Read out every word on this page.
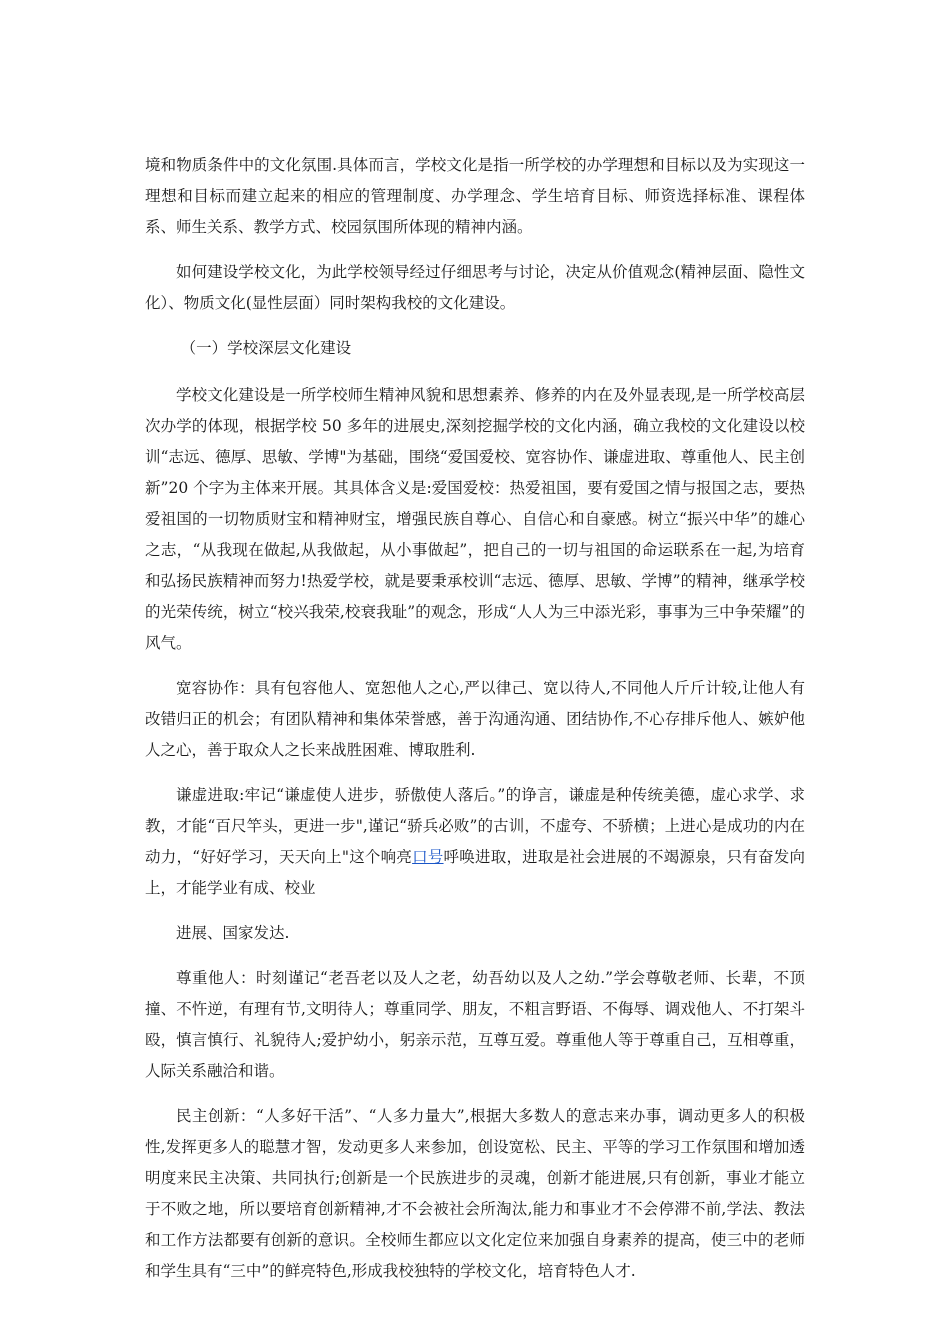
境和物质条件中的文化氛围.具体而言，学校文化是指一所学校的办学理想和目标以及为实现这一理想和目标而建立起来的相应的管理制度、办学理念、学生培育目标、师资选择标准、课程体系、师生关系、教学方式、校园氛围所体现的精神内涵。

如何建设学校文化，为此学校领导经过仔细思考与讨论，决定从价值观念(精神层面、隐性文化）、物质文化(显性层面）同时架构我校的文化建设。

（一）学校深层文化建设

学校文化建设是一所学校师生精神风貌和思想素养、修养的内在及外显表现,是一所学校高层次办学的体现，根据学校 50 多年的进展史,深刻挖掘学校的文化内涵，确立我校的文化建设以校训“志远、德厚、思敏、学博"为基础，围绕“爱国爱校、宽容协作、谦虚进取、尊重他人、民主创新”20 个字为主体来开展。其具体含义是:爱国爱校：热爱祖国，要有爱国之情与报国之志，要热爱祖国的一切物质财宝和精神财宝，增强民族自尊心、自信心和自豪感。树立“振兴中华”的雄心之志，“从我现在做起,从我做起，从小事做起”，把自己的一切与祖国的命运联系在一起,为培育和弘扬民族精神而努力!热爱学校，就是要秉承校训“志远、德厚、思敏、学博”的精神，继承学校的光荣传统，树立“校兴我荣,校衰我耻”的观念，形成“人人为三中添光彩，事事为三中争荣耀”的风气。

宽容协作：具有包容他人、宽恕他人之心,严以律己、宽以待人,不同他人斤斤计较,让他人有改错归正的机会；有团队精神和集体荣誉感，善于沟通沟通、团结协作,不心存排斥他人、嫉妒他人之心，善于取众人之长来战胜困难、博取胜利.

谦虚进取:牢记“谦虚使人进步，骄傲使人落后。”的诤言，谦虚是种传统美德，虚心求学、求教，才能“百尺竿头，更进一步",谨记“骄兵必败”的古训，不虚夸、不骄横；上进心是成功的内在动力，“好好学习，天天向上"这个响亮口号呼唤进取，进取是社会进展的不竭源泉，只有奋发向上，才能学业有成、校业

进展、国家发达.

尊重他人：时刻谨记“老吾老以及人之老，幼吾幼以及人之幼.”学会尊敬老师、长辈，不顶撞、不忤逆，有理有节,文明待人；尊重同学、朋友，不粗言野语、不侮辱、调戏他人、不打架斗殴，慎言慎行、礼貌待人;爱护幼小，躬亲示范，互尊互爱。尊重他人等于尊重自己，互相尊重，人际关系融洽和谐。

民主创新：“人多好干活”、“人多力量大”,根据大多数人的意志来办事，调动更多人的积极性,发挥更多人的聪慧才智，发动更多人来参加，创设宽松、民主、平等的学习工作氛围和增加透明度来民主决策、共同执行;创新是一个民族进步的灵魂，创新才能进展,只有创新，事业才能立于不败之地，所以要培育创新精神,才不会被社会所淘汰,能力和事业才不会停滞不前,学法、教法和工作方法都要有创新的意识。全校师生都应以文化定位来加强自身素养的提高，使三中的老师和学生具有“三中”的鲜亮特色,形成我校独特的学校文化，培育特色人才.
